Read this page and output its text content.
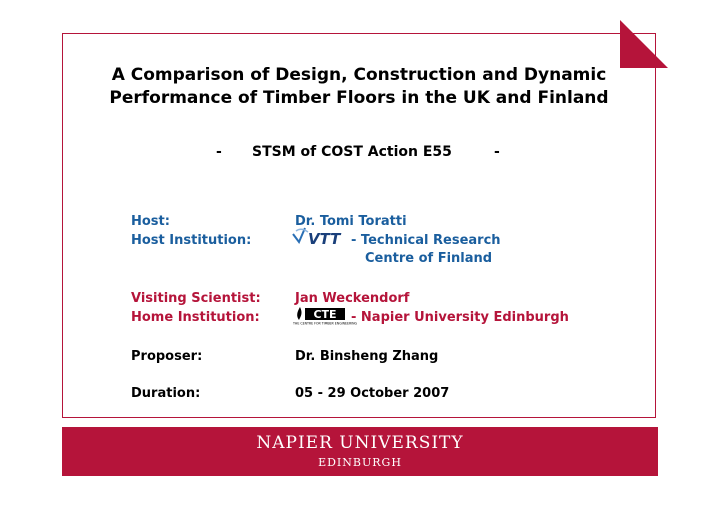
A Comparison of Design, Construction and Dynamic
Performance of Timber Floors in the UK and Finland
- STSM of COST Action E55	-
Host:	Dr. Tomi Toratti
Host Institution:	VTT - Technical Research
Centre of Finland
Visiting Scientist:	Jan Weckendorf
Home Institution:	CTE
THE CENTRE FOR TIMBER ENGINEERING
- Napier University Edinburgh
Proposer:	Dr. Binsheng Zhang
Duration:	05 - 29 October 2007
NAPIER UNIVERSITY
EDINBURGH
